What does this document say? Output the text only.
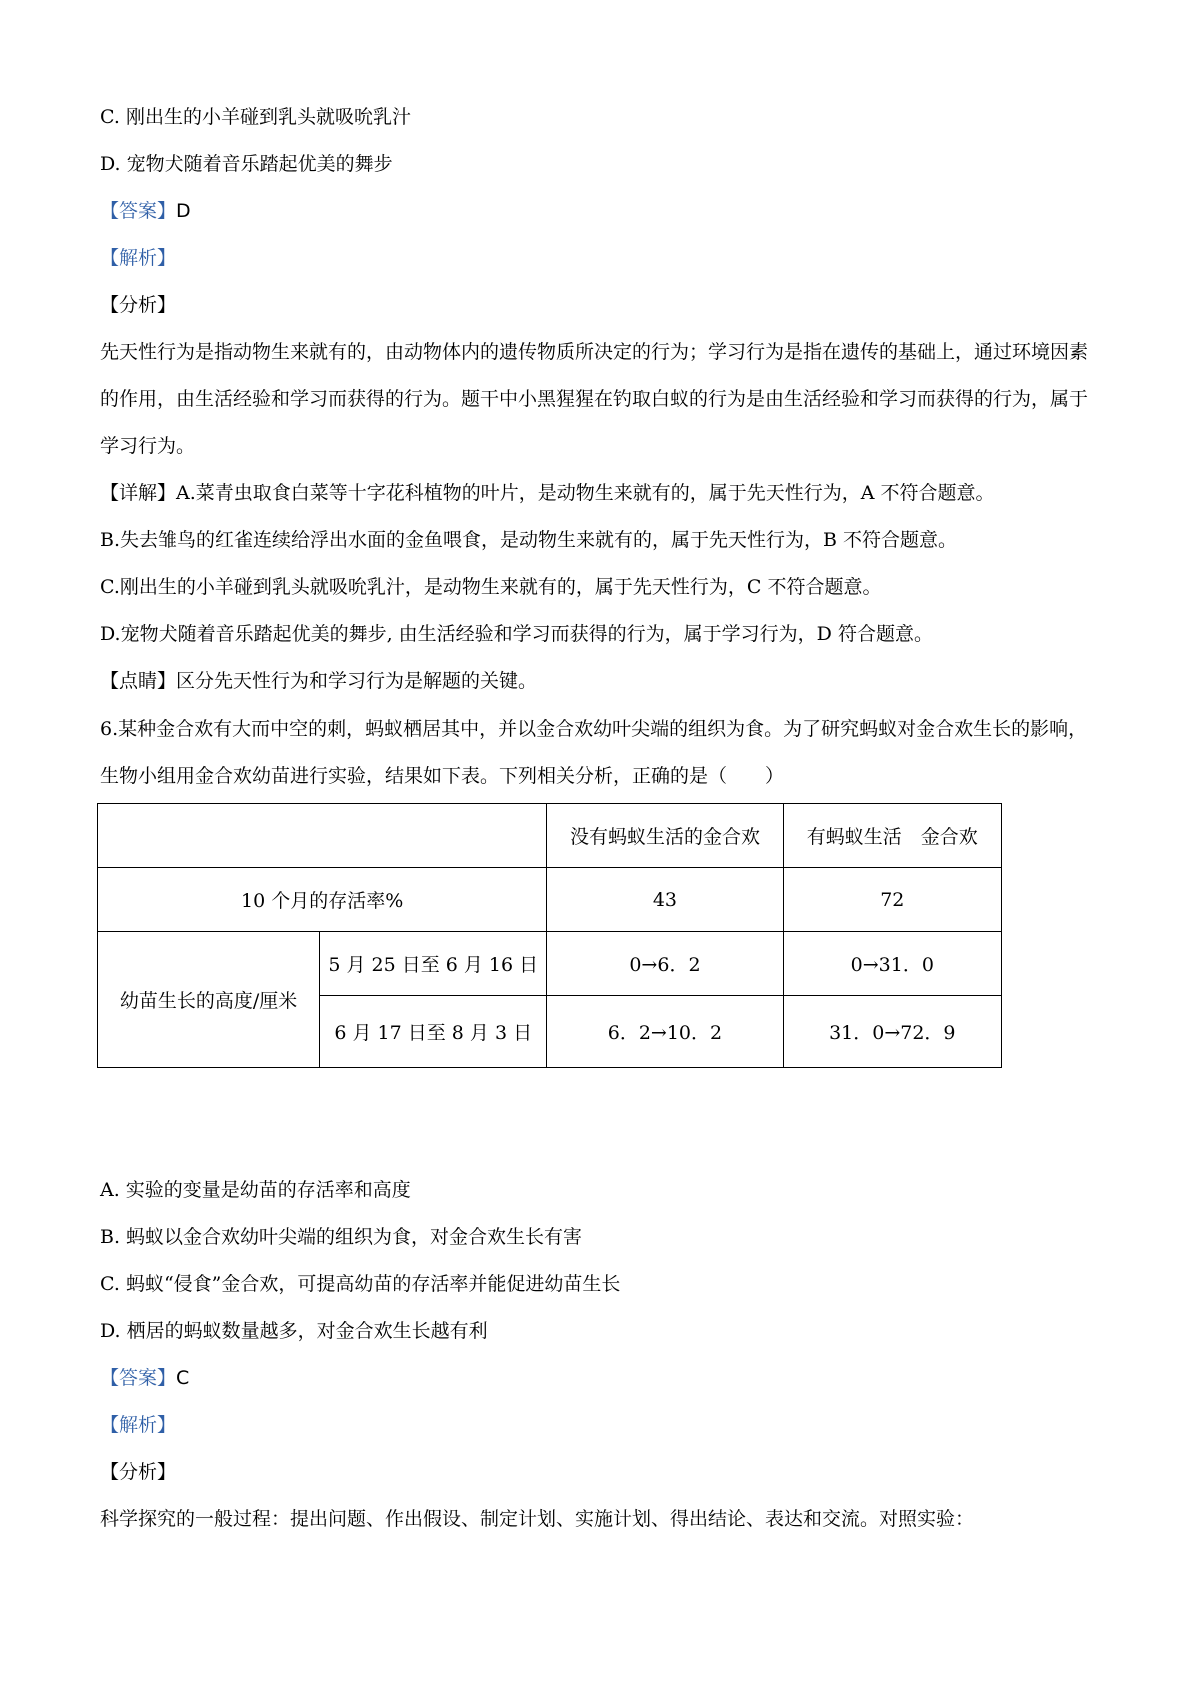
C. 刚出生的小羊碰到乳头就吸吮乳汁
D. 宠物犬随着音乐踏起优美的舞步
【答案】D
【解析】
【分析】
先天性行为是指动物生来就有的，由动物体内的遗传物质所决定的行为；学习行为是指在遗传的基础上，通过环境因素的作用，由生活经验和学习而获得的行为。题干中小黑猩猩在钓取白蚁的行为是由生活经验和学习而获得的行为，属于学习行为。
【详解】A.菜青虫取食白菜等十字花科植物的叶片，是动物生来就有的，属于先天性行为，A 不符合题意。
B.失去雏鸟的红雀连续给浮出水面的金鱼喂食，是动物生来就有的，属于先天性行为，B 不符合题意。
C.刚出生的小羊碰到乳头就吸吮乳汁，是动物生来就有的，属于先天性行为，C 不符合题意。
D.宠物犬随着音乐踏起优美的舞步, 由生活经验和学习而获得的行为，属于学习行为，D 符合题意。
【点睛】区分先天性行为和学习行为是解题的关键。
6.某种金合欢有大而中空的刺，蚂蚁栖居其中，并以金合欢幼叶尖端的组织为食。为了研究蚂蚁对金合欢生长的影响，生物小组用金合欢幼苗进行实验，结果如下表。下列相关分析，正确的是（　　）
		没有蚂蚁生活的金合欢	有蚂蚁生活　金合欢
10 个月的存活率%		43	72
幼苗生长的高度/厘米	5 月 25 日至 6 月 16 日	0→6．2	0→31．0
	6 月 17 日至 8 月 3 日	6．2→10．2	31．0→72．9
A. 实验的变量是幼苗的存活率和高度
B. 蚂蚁以金合欢幼叶尖端的组织为食，对金合欢生长有害
C. 蚂蚁“侵食”金合欢，可提高幼苗的存活率并能促进幼苗生长
D. 栖居的蚂蚁数量越多，对金合欢生长越有利
【答案】C
【解析】
【分析】
科学探究的一般过程：提出问题、作出假设、制定计划、实施计划、得出结论、表达和交流。对照实验：
